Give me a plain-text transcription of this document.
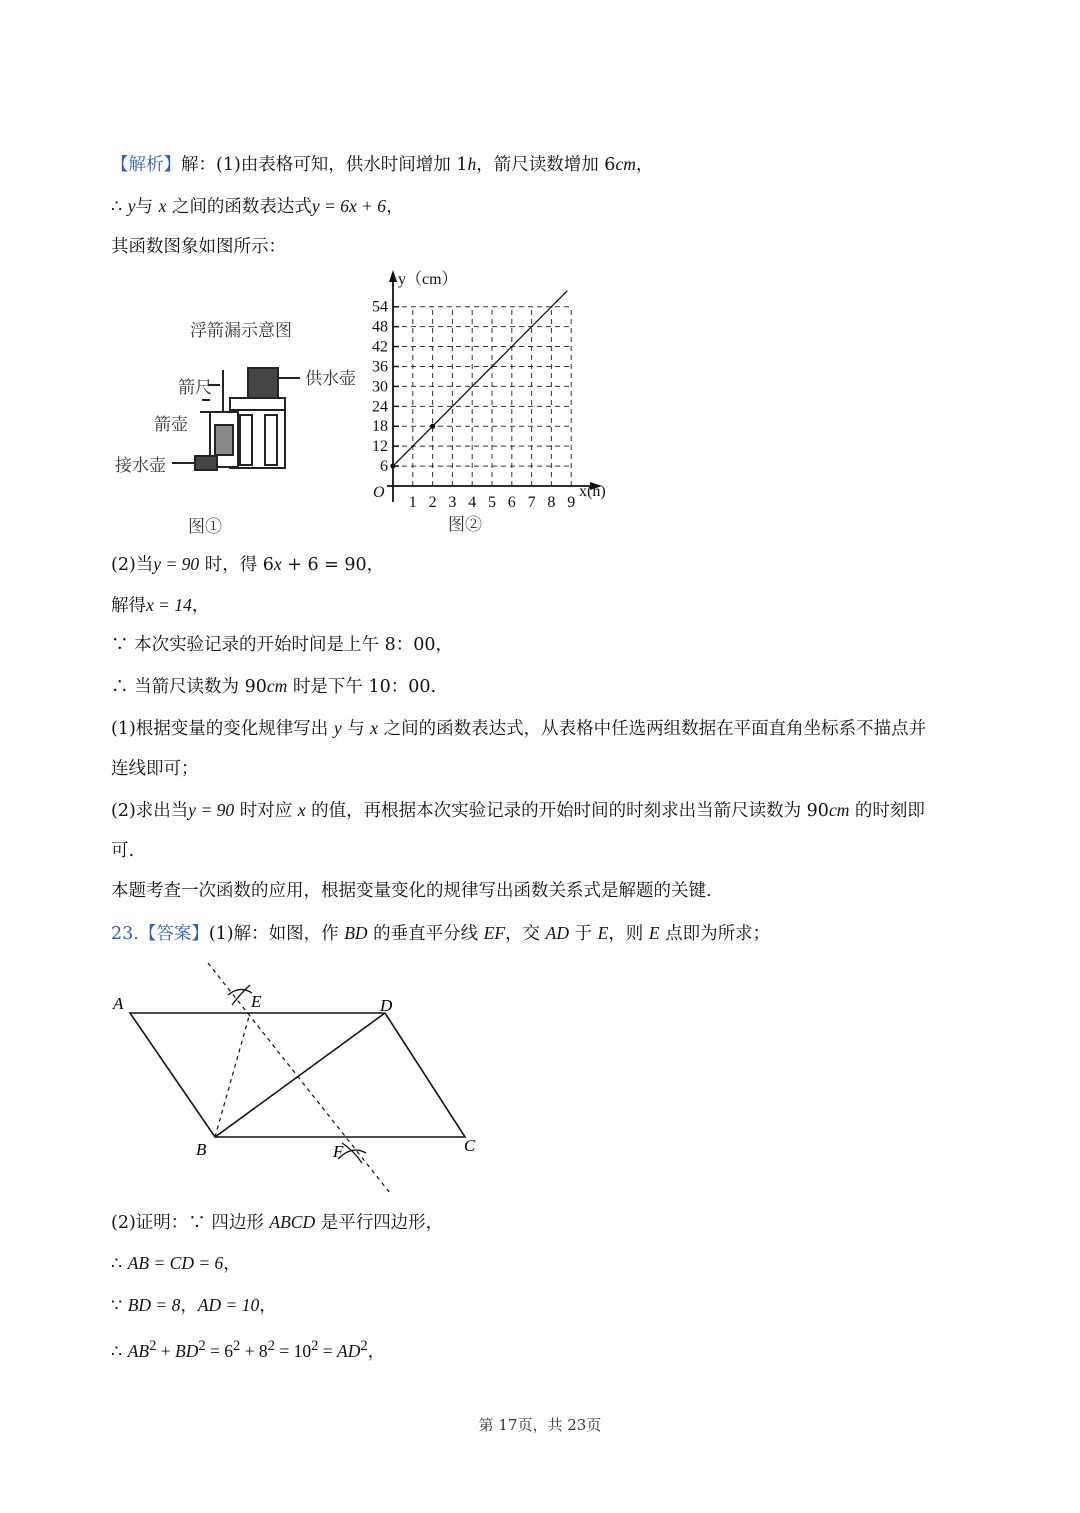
【解析】解：(1)由表格可知，供水时间增加 1h，箭尺读数增加 6cm，
∴ y与 x 之间的函数表达式y = 6x + 6，
其函数图象如图所示：
浮箭漏示意图
箭尺	供水壶
箭壶
接水壶
图①
6
12
18
24
30
36
42
48
54
1 2 3 4 5 6 7 8 9
y（cm）
x(h)
O
图②
(2)当y = 90 时，得 6x + 6 = 90，
解得x = 14，
∵ 本次实验记录的开始时间是上午 8：00，
∴ 当箭尺读数为 90cm 时是下午 10：00.
(1)根据变量的变化规律写出 y 与 x 之间的函数表达式，从表格中任选两组数据在平面直角坐标系不描点并
连线即可；
(2)求出当y = 90 时对应 x 的值，再根据本次实验记录的开始时间的时刻求出当箭尺读数为 90cm 的时刻即
可.
本题考查一次函数的应用，根据变量变化的规律写出函数关系式是解题的关键.
23.【答案】(1)解：如图，作 BD 的垂直平分线 EF，交 AD 于 E，则 E 点即为所求；
A	E	D
B	F	C
(2)证明：∵ 四边形 ABCD 是平行四边形，
∴ AB = CD = 6，
∵ BD = 8，AD = 10，
∴ $AB^2 + BD^2 = 6^2 + 8^2 = 10^2 = AD^2$，
第 17页，共 23页
